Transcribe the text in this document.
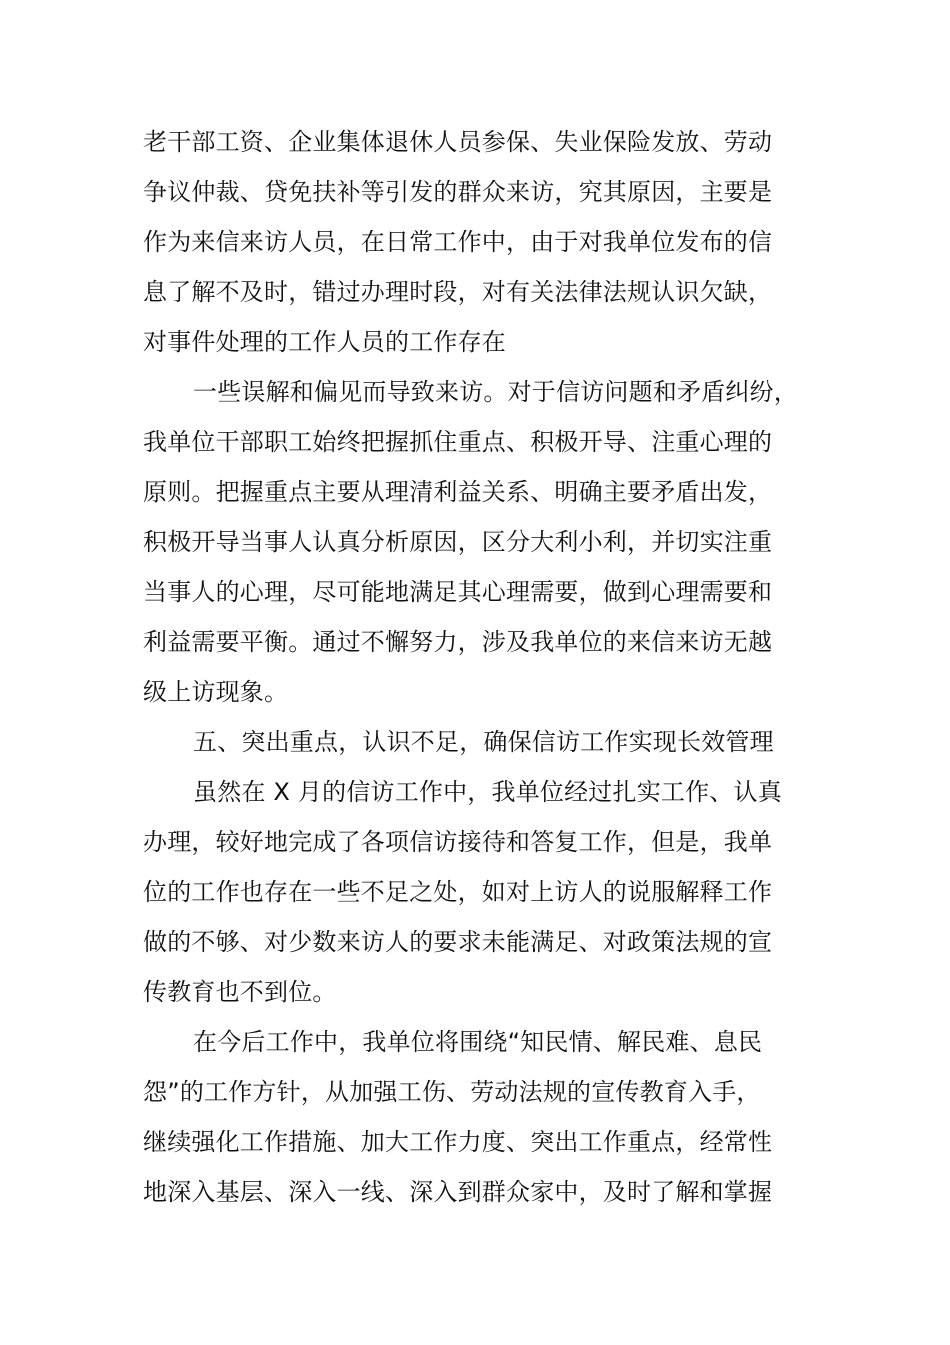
老干部工资、企业集体退休人员参保、失业保险发放、劳动
争议仲裁、贷免扶补等引发的群众来访，究其原因，主要是
作为来信来访人员，在日常工作中，由于对我单位发布的信
息了解不及时，错过办理时段，对有关法律法规认识欠缺，
对事件处理的工作人员的工作存在
一些误解和偏见而导致来访。对于信访问题和矛盾纠纷，
我单位干部职工始终把握抓住重点、积极开导、注重心理的
原则。把握重点主要从理清利益关系、明确主要矛盾出发，
积极开导当事人认真分析原因，区分大利小利，并切实注重
当事人的心理，尽可能地满足其心理需要，做到心理需要和
利益需要平衡。通过不懈努力，涉及我单位的来信来访无越
级上访现象。
五、突出重点，认识不足，确保信访工作实现长效管理
虽然在 X 月的信访工作中，我单位经过扎实工作、认真
办理，较好地完成了各项信访接待和答复工作，但是，我单
位的工作也存在一些不足之处，如对上访人的说服解释工作
做的不够、对少数来访人的要求未能满足、对政策法规的宣
传教育也不到位。
在今后工作中，我单位将围绕“知民情、解民难、息民
怨”的工作方针，从加强工伤、劳动法规的宣传教育入手，
继续强化工作措施、加大工作力度、突出工作重点，经常性
地深入基层、深入一线、深入到群众家中，及时了解和掌握
